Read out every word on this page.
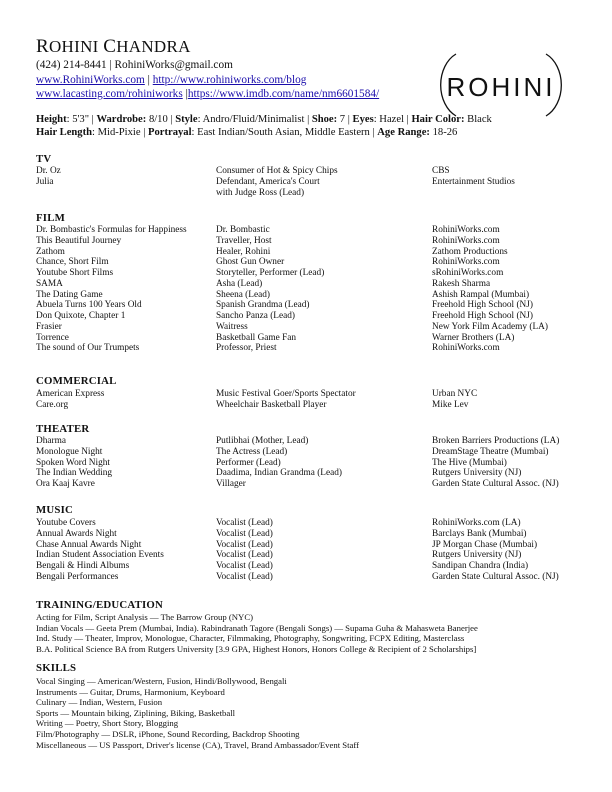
ROHINI CHANDRA
(424) 214-8441 | RohiniWorks@gmail.com
www.RohiniWorks.com | http://www.rohiniworks.com/blog
www.lacasting.com/rohiniworks |https://www.imdb.com/name/nm6601584/	ROHINI
Height: 5'3" | Wardrobe: 8/10 | Style: Andro/Fluid/Minimalist | Shoe: 7 | Eyes: Hazel | Hair Color: Black
Hair Length: Mid-Pixie | Portrayal: East Indian/South Asian, Middle Eastern | Age Range: 18-26
TV
Dr. Oz	Consumer of Hot & Spicy Chips	CBS
Julia	Defendant, America's Court	Entertainment Studios
with Judge Ross (Lead)
FILM
Dr. Bombastic's Formulas for Happiness	Dr. Bombastic	RohiniWorks.com
This Beautiful Journey	Traveller, Host	RohiniWorks.com
Zathom	Healer, Rohini	Zathom Productions
Chance, Short Film	Ghost Gun Owner	RohiniWorks.com
Youtube Short Films	Storyteller, Performer (Lead)	sRohiniWorks.com
SAMA	Asha (Lead)	Rakesh Sharma
The Dating Game	Sheena (Lead)	Ashish Rampal (Mumbai)
Abuela Turns 100 Years Old	Spanish Grandma (Lead)	Freehold High School (NJ)
Don Quixote, Chapter 1	Sancho Panza (Lead)	Freehold High School (NJ)
Frasier	Waitress	New York Film Academy (LA)
Torrence	Basketball Game Fan	Warner Brothers (LA)
The sound of Our Trumpets	Professor, Priest	RohiniWorks.com
COMMERCIAL
American Express	Music Festival Goer/Sports Spectator	Urban NYC
Care.org	Wheelchair Basketball Player	Mike Lev
THEATER
Dharma	Putlibhai (Mother, Lead)	Broken Barriers Productions (LA)
Monologue Night	The Actress (Lead)	DreamStage Theatre (Mumbai)
Spoken Word Night	Performer (Lead)	The Hive (Mumbai)
The Indian Wedding	Daadima, Indian Grandma (Lead)	Rutgers University (NJ)
Ora Kaaj Kavre	Villager	Garden State Cultural Assoc. (NJ)
MUSIC
Youtube Covers	Vocalist (Lead)	RohiniWorks.com (LA)
Annual Awards Night	Vocalist (Lead)	Barclays Bank (Mumbai)
Chase Annual Awards Night	Vocalist (Lead)	JP Morgan Chase (Mumbai)
Indian Student Association Events	Vocalist (Lead)	Rutgers University (NJ)
Bengali & Hindi Albums	Vocalist (Lead)	Sandipan Chandra (India)
Bengali Performances	Vocalist (Lead)	Garden State Cultural Assoc. (NJ)
TRAINING/EDUCATION
Acting for Film, Script Analysis — The Barrow Group (NYC)
Indian Vocals — Geeta Prem (Mumbai, India). Rabindranath Tagore (Bengali Songs) — Supama Guha & Mahasweta Banerjee
Ind. Study — Theater, Improv, Monologue, Character, Filmmaking, Photography, Songwriting, FCPX Editing, Masterclass
B.A. Political Science BA from Rutgers University [3.9 GPA, Highest Honors, Honors College & Recipient of 2 Scholarships]
SKILLS
Vocal Singing — American/Western, Fusion, Hindi/Bollywood, Bengali
Instruments — Guitar, Drums, Harmonium, Keyboard
Culinary — Indian, Western, Fusion
Sports — Mountain biking, Ziplining, Biking, Basketball
Writing — Poetry, Short Story, Blogging
Film/Photography — DSLR, iPhone, Sound Recording, Backdrop Shooting
Miscellaneous — US Passport, Driver's license (CA), Travel, Brand Ambassador/Event Staff
